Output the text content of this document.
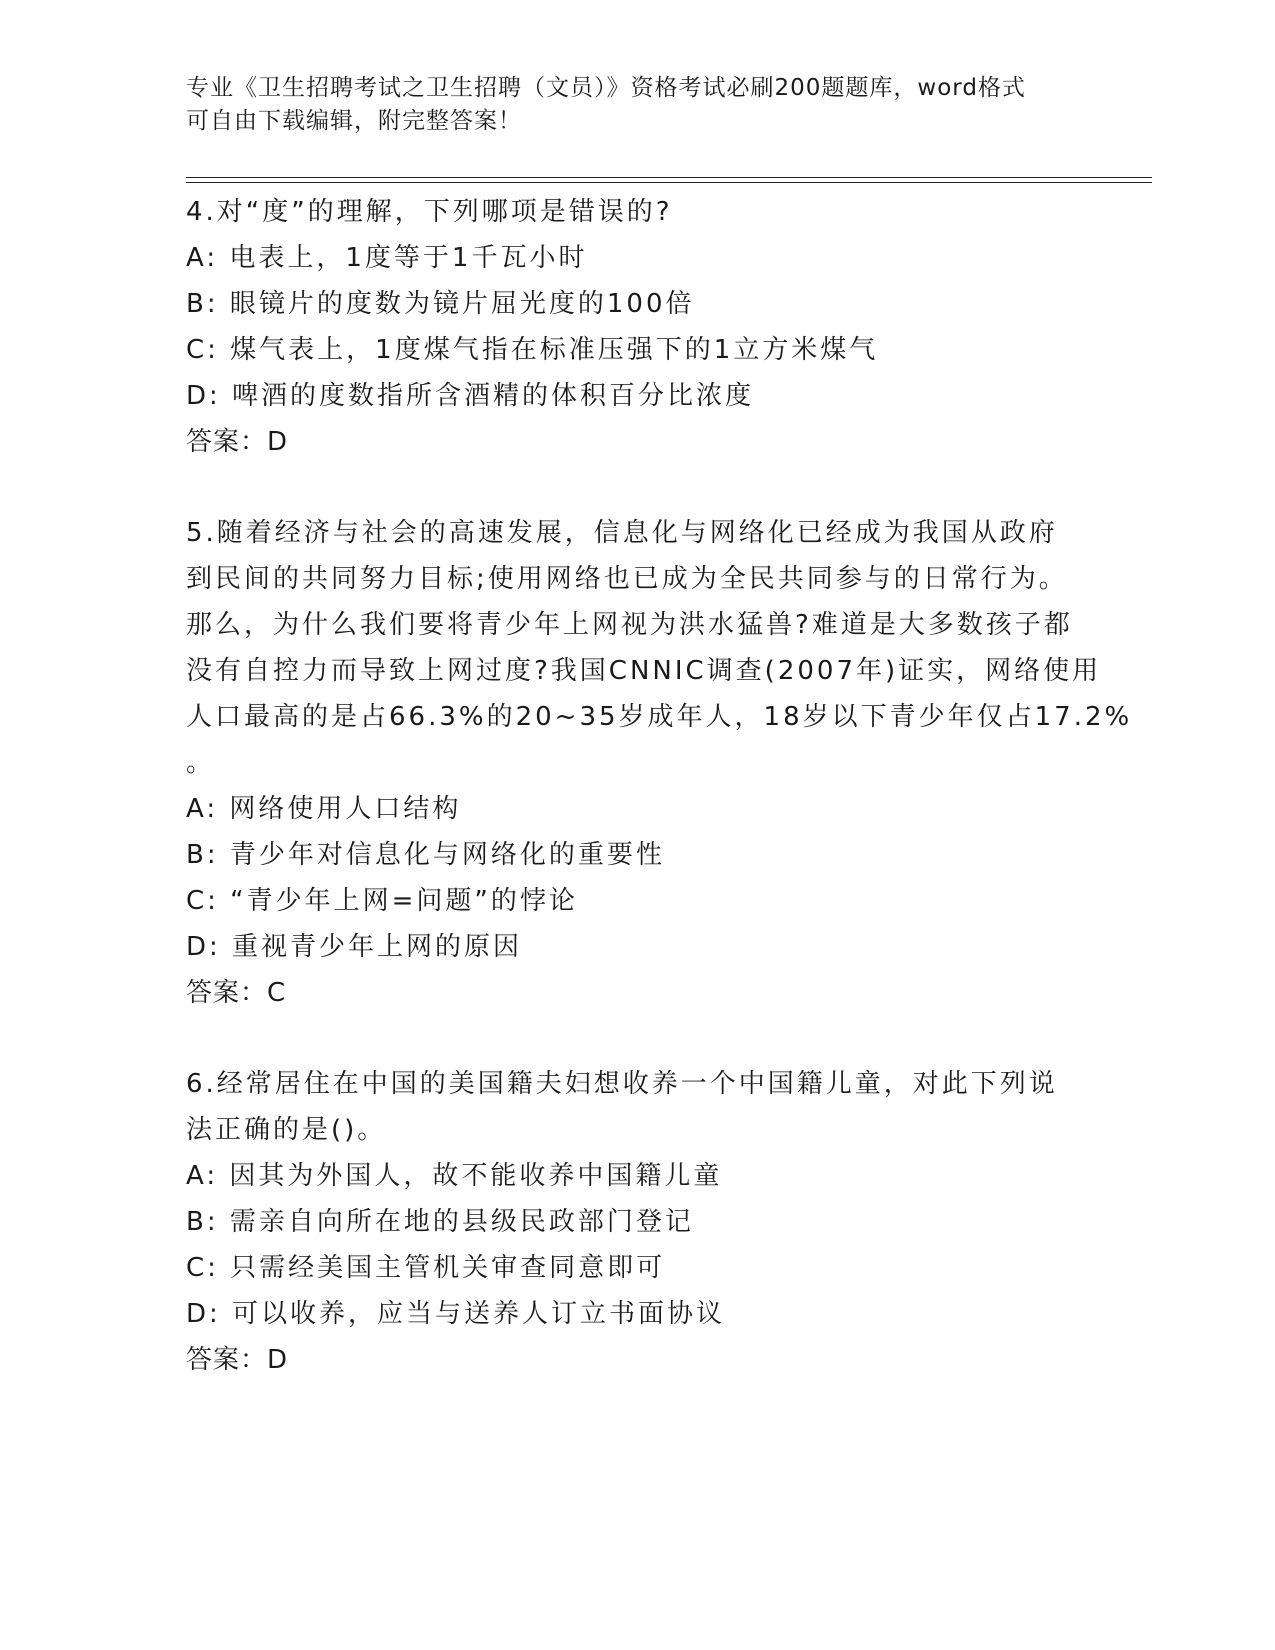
专业《卫生招聘考试之卫生招聘（文员）》资格考试必刷200题题库，word格式
可自由下载编辑，附完整答案！
4.对“度”的理解，下列哪项是错误的?
A: 电表上，1度等于1千瓦小时
B: 眼镜片的度数为镜片屈光度的100倍
C: 煤气表上，1度煤气指在标准压强下的1立方米煤气
D: 啤酒的度数指所含酒精的体积百分比浓度
答案：D
5.随着经济与社会的高速发展，信息化与网络化已经成为我国从政府
到民间的共同努力目标;使用网络也已成为全民共同参与的日常行为。
那么，为什么我们要将青少年上网视为洪水猛兽?难道是大多数孩子都
没有自控力而导致上网过度?我国CNNIC调查(2007年)证实，网络使用
人口最高的是占66.3%的20~35岁成年人，18岁以下青少年仅占17.2%
。
A: 网络使用人口结构
B: 青少年对信息化与网络化的重要性
C: “青少年上网=问题”的悖论
D: 重视青少年上网的原因
答案：C
6.经常居住在中国的美国籍夫妇想收养一个中国籍儿童，对此下列说
法正确的是()。
A: 因其为外国人，故不能收养中国籍儿童
B: 需亲自向所在地的县级民政部门登记
C: 只需经美国主管机关审查同意即可
D: 可以收养，应当与送养人订立书面协议
答案：D
